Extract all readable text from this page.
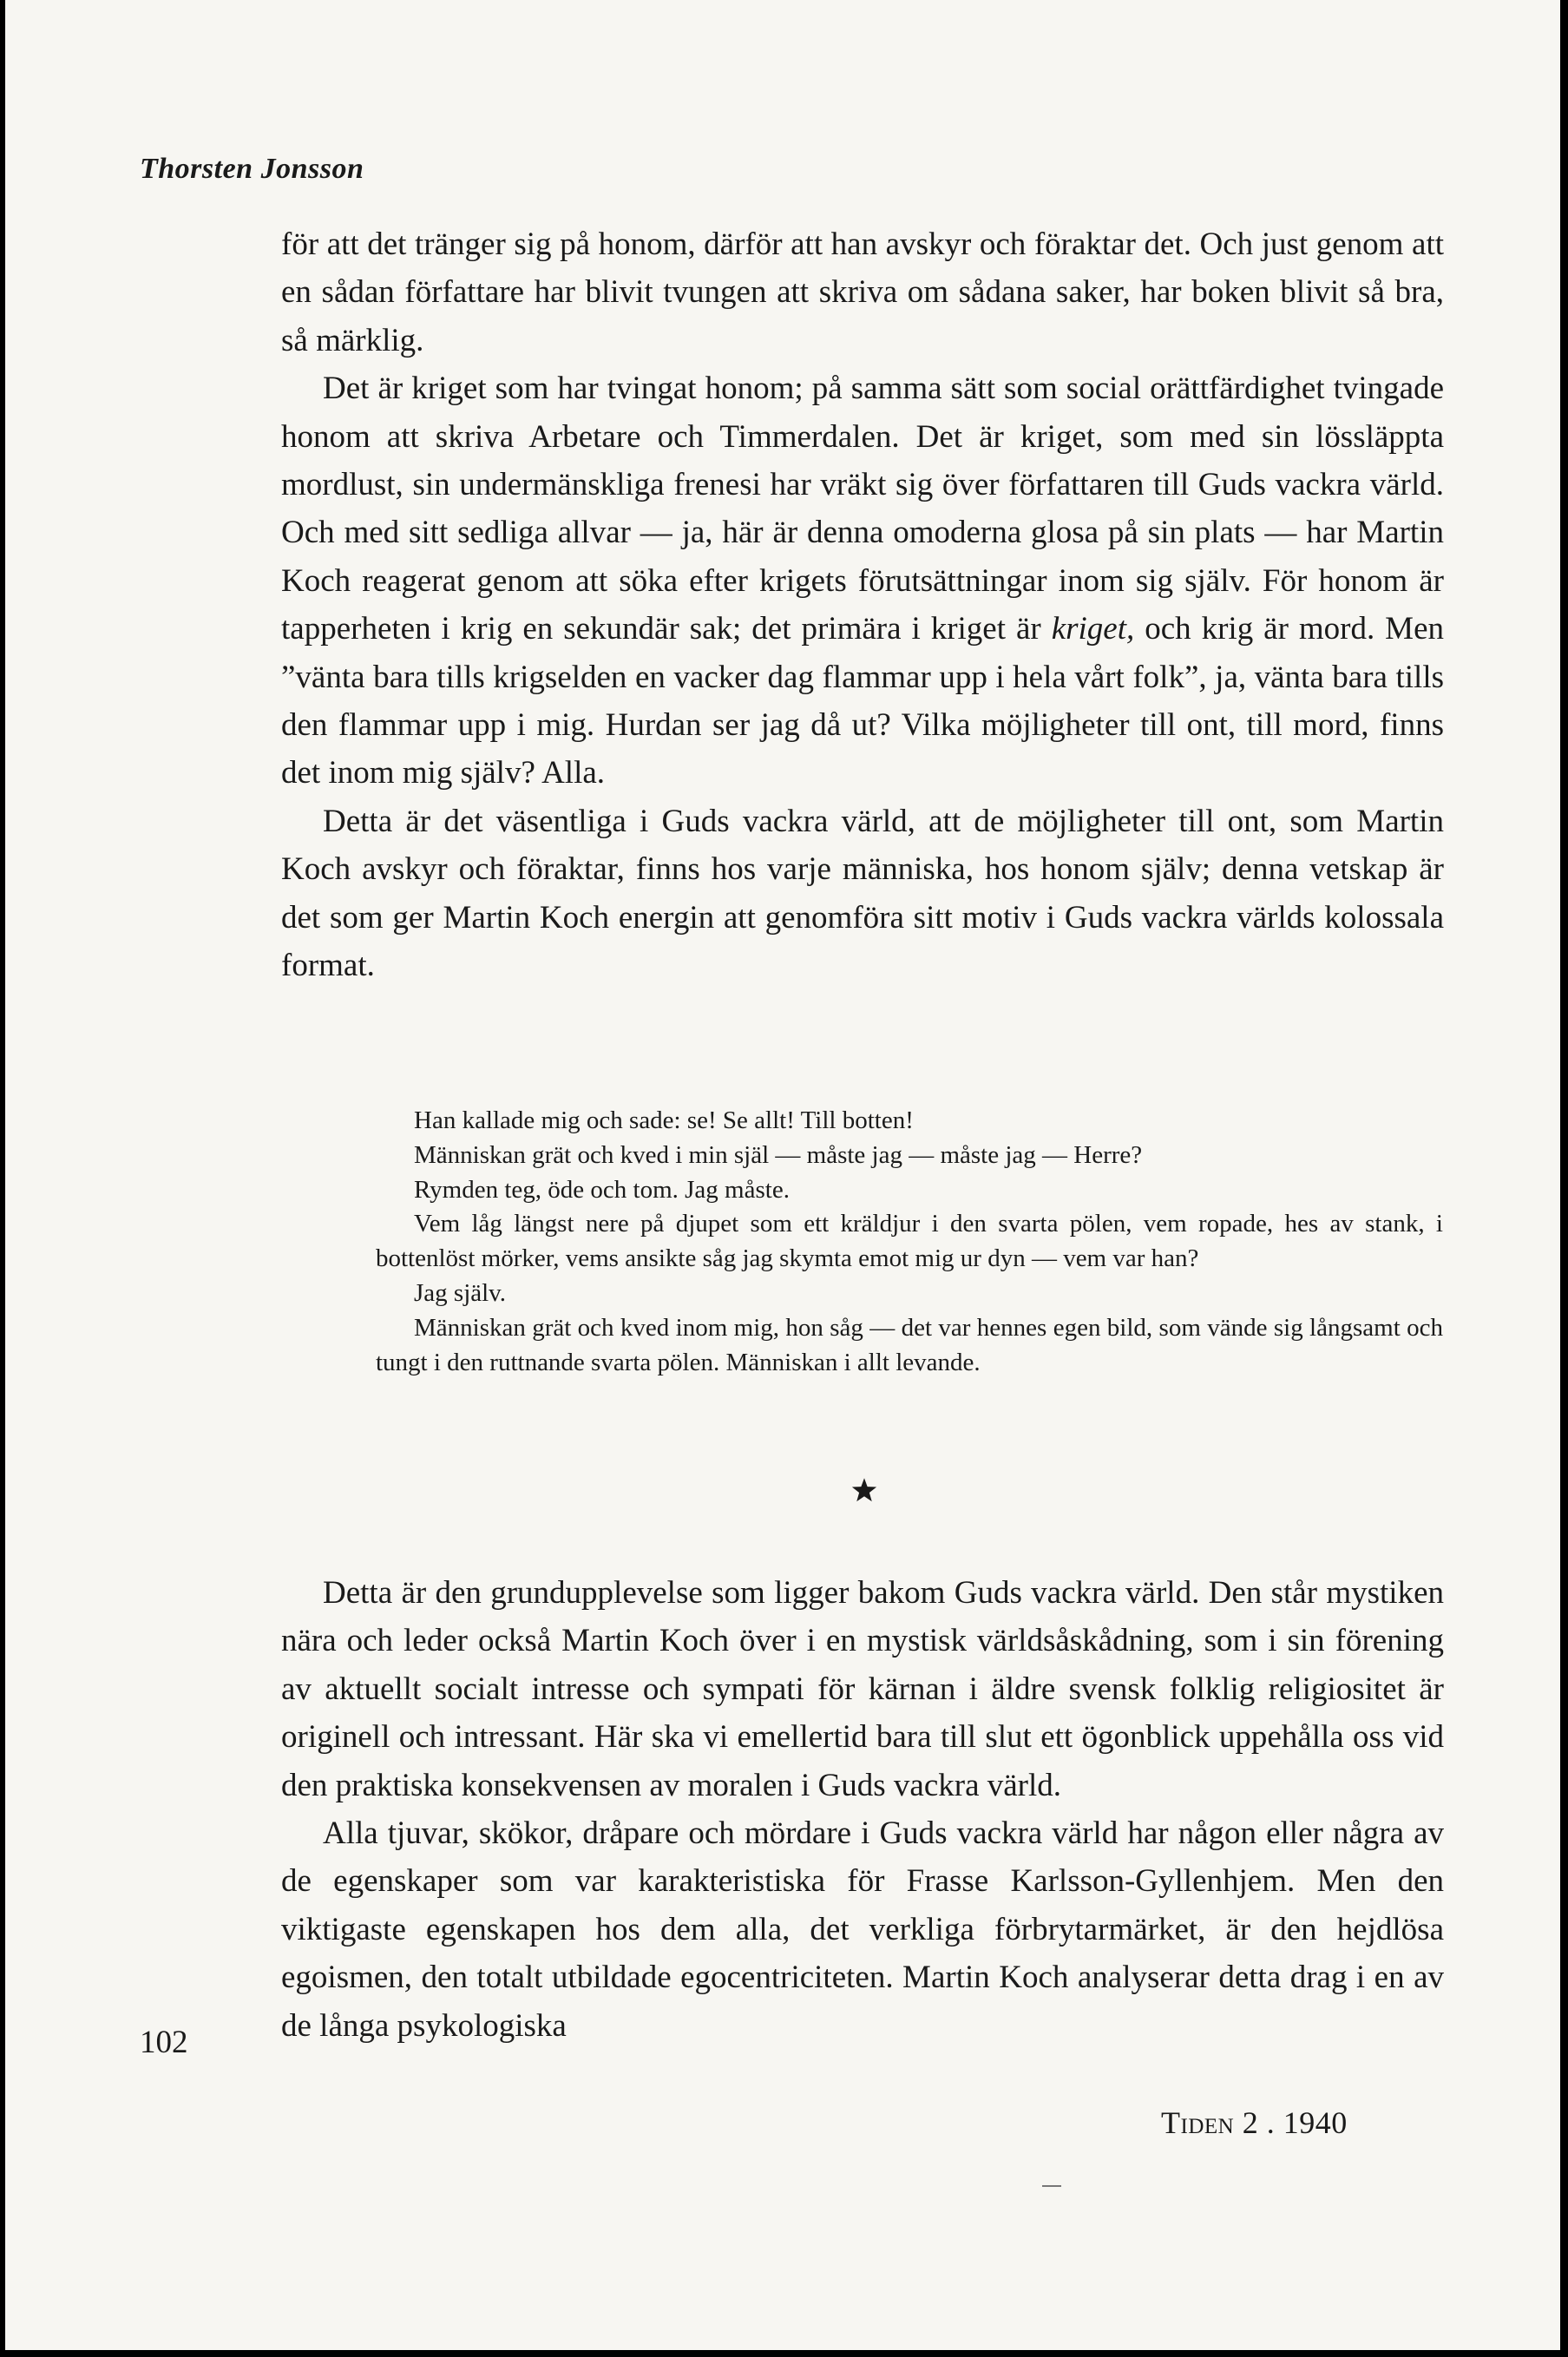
Thorsten Jonsson

för att det tränger sig på honom, därför att han avskyr och föraktar det. Och just genom att en sådan författare har blivit tvungen att skriva om sådana saker, har boken blivit så bra, så märklig.

Det är kriget som har tvingat honom; på samma sätt som social orättfärdighet tvingade honom att skriva Arbetare och Timmerdalen. Det är kriget, som med sin lössläppta mordlust, sin undermänskliga frenesi har vräkt sig över författaren till Guds vackra värld. Och med sitt sedliga allvar — ja, här är denna omoderna glosa på sin plats — har Martin Koch reagerat genom att söka efter krigets förutsättningar inom sig själv. För honom är tapperheten i krig en sekundär sak; det primära i kriget är kriget, och krig är mord. Men ”vänta bara tills krigselden en vacker dag flammar upp i hela vårt folk”, ja, vänta bara tills den flammar upp i mig. Hurdan ser jag då ut? Vilka möjligheter till ont, till mord, finns det inom mig själv? Alla.

Detta är det väsentliga i Guds vackra värld, att de möjligheter till ont, som Martin Koch avskyr och föraktar, finns hos varje människa, hos honom själv; denna vetskap är det som ger Martin Koch energin att genomföra sitt motiv i Guds vackra världs kolossala format.

Han kallade mig och sade: se! Se allt! Till botten!

Människan grät och kved i min själ — måste jag — måste jag — Herre?

Rymden teg, öde och tom. Jag måste.

Vem låg längst nere på djupet som ett kräldjur i den svarta pölen, vem ropade, hes av stank, i bottenlöst mörker, vems ansikte såg jag skymta emot mig ur dyn — vem var han?

Jag själv.

Människan grät och kved inom mig, hon såg — det var hennes egen bild, som vände sig långsamt och tungt i den ruttnande svarta pölen. Människan i allt levande.

Detta är den grundupplevelse som ligger bakom Guds vackra värld. Den står mystiken nära och leder också Martin Koch över i en mystisk världsåskådning, som i sin förening av aktuellt socialt intresse och sympati för kärnan i äldre svensk folklig religiositet är originell och intressant. Här ska vi emellertid bara till slut ett ögonblick uppehålla oss vid den praktiska konsekvensen av moralen i Guds vackra värld.

Alla tjuvar, skökor, dråpare och mördare i Guds vackra värld har någon eller några av de egenskaper som var karakteristiska för Frasse Karlsson-Gyllenhjem. Men den viktigaste egenskapen hos dem alla, det verkliga förbrytarmärket, är den hejdlösa egoismen, den totalt utbildade egocentriciteten. Martin Koch analyserar detta drag i en av de långa psykologiska

102
Tiden 2 . 1940
